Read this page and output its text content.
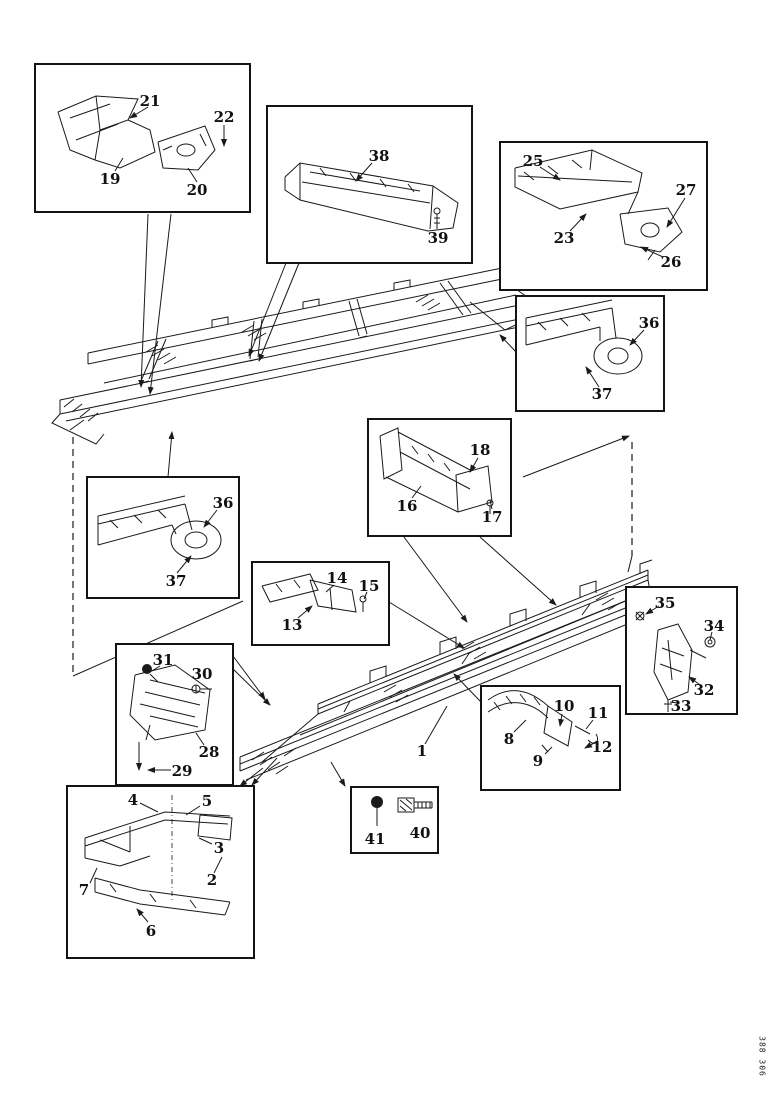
21
22
19
20
38
39
25
27
23
26
36
37
18
16
17
36
37	14 15
13
31
30
28
29
4	5
3
2
7
6
41 40
10 11
8
9
12
35
34
32
33
1
388 306
